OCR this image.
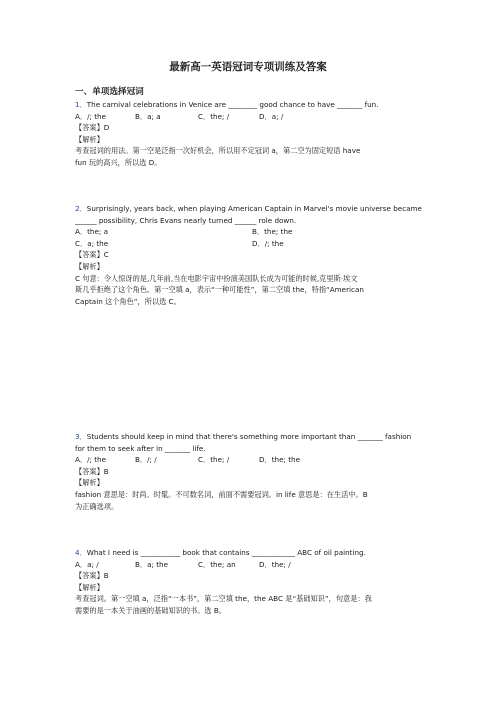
最新高一英语冠词专项训练及答案
一、单项选择冠词
1．The carnival celebrations in Venice are ________ good chance to have _______ fun.
A．/; the	B．a; a	C．the; /	D．a; /
【答案】D
【解析】
考查冠词的用法。第一空是泛指一次好机会，所以用不定冠词 a，第二空为固定短语 have
fun 玩的高兴，所以选 D。
2．Surprisingly, years back, when playing American Captain in Marvel's movie universe became
______ possibility, Chris Evans nearly turned ______ role down.
A．the; a	B．the; the
C．a; the	D．/; the
【答案】C
【解析】
C 句意：令人惊讶的是,几年前,当在电影宇宙中扮演美国队长成为可能的时候,克里斯·埃文
斯几乎拒绝了这个角色。第一空填 a，表示“一种可能性”，第二空填 the，特指“American
Captain 这个角色”，所以选 C。
3．Students should keep in mind that there's something more important than _______ fashion
for them to seek after in _______ life.
A．/; the	B．/; /	C．the; /	D．the; the
【答案】B
【解析】
fashion 意思是：时尚、时髦。不可数名词，前面不需要冠词。in life 意思是：在生活中。B
为正确选项。
4．What I need is ___________ book that contains ____________ ABC of oil painting.
A．a; /	B．a; the	C．the; an	D．the; /
【答案】B
【解析】
考查冠词。第一空填 a，泛指“一本书”，第二空填 the，the ABC 是“基础知识”，句意是：我
需要的是一本关于油画的基础知识的书。选 B。
